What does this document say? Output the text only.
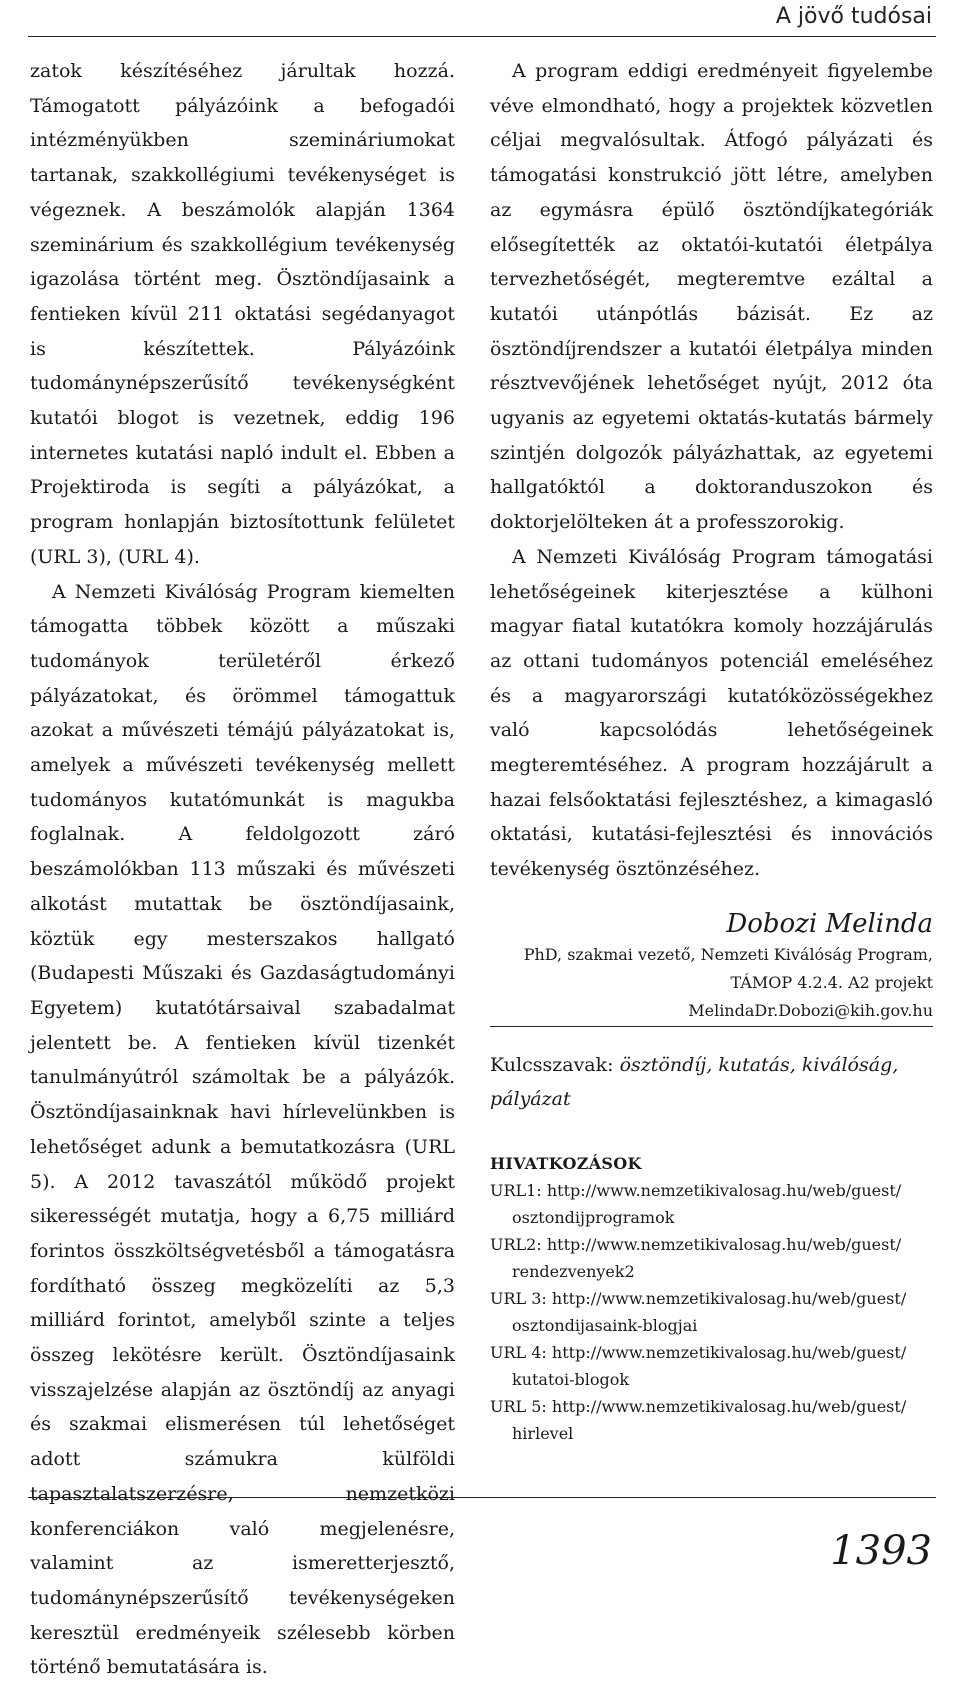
A jövő tudósai

zatok készítéséhez járultak hozzá. Támogatott pályázóink a befogadói intézményükben szemináriumokat tartanak, szakkollégiumi tevékenységet is végeznek. A beszámolók alapján 1364 szeminárium és szakkollégium tevékenység igazolása történt meg. Ösztöndíjasaink a fentieken kívül 211 oktatási segédanyagot is készítettek. Pályázóink tudománynépszerűsítő tevékenységként kutatói blogot is vezetnek, eddig 196 internetes kutatási napló indult el. Ebben a Projektiroda is segíti a pályázókat, a program honlapján biztosítottunk felületet (URL 3), (URL 4).

A Nemzeti Kiválóság Program kiemelten támogatta többek között a műszaki tudományok területéről érkező pályázatokat, és örömmel támogattuk azokat a művészeti témájú pályázatokat is, amelyek a művészeti tevékenység mellett tudományos kutatómunkát is magukba foglalnak. A feldolgozott záró beszámolókban 113 műszaki és művészeti alkotást mutattak be ösztöndíjasaink, köztük egy mesterszakos hallgató (Budapesti Műszaki és Gazdaságtudományi Egyetem) kutatótársaival szabadalmat jelentett be. A fentieken kívül tizenkét tanulmányútról számoltak be a pályázók. Ösztöndíjasainknak havi hírlevelünkben is lehetőséget adunk a bemutatkozásra (URL 5). A 2012 tavaszától működő projekt sikerességét mutatja, hogy a 6,75 milliárd forintos összköltségvetésből a támogatásra fordítható összeg megközelíti az 5,3 milliárd forintot, amelyből szinte a teljes összeg lekötésre került. Ösztöndíjasaink visszajelzése alapján az ösztöndíj az anyagi és szakmai elismerésen túl lehetőséget adott számukra külföldi tapasztalatszerzésre, nemzetközi konferenciákon való megjelenésre, valamint az ismeretterjesztő, tudománynépszerűsítő tevékenységeken keresztül eredményeik szélesebb körben történő bemutatására is.

A program eddigi eredményeit figyelembe véve elmondható, hogy a projektek közvetlen céljai megvalósultak. Átfogó pályázati és támogatási konstrukció jött létre, amelyben az egymásra épülő ösztöndíjkategóriák elősegítették az oktatói-kutatói életpálya tervezhetőségét, megteremtve ezáltal a kutatói utánpótlás bázisát. Ez az ösztöndíjrendszer a kutatói életpálya minden résztvevőjének lehetőséget nyújt, 2012 óta ugyanis az egyetemi oktatás-kutatás bármely szintjén dolgozók pályázhattak, az egyetemi hallgatóktól a doktoranduszokon és doktorjelölteken át a professzorokig.

A Nemzeti Kiválóság Program támogatási lehetőségeinek kiterjesztése a külhoni magyar fiatal kutatókra komoly hozzájárulás az ottani tudományos potenciál emeléséhez és a magyarországi kutatóközösségekhez való kapcsolódás lehetőségeinek megteremtéséhez. A program hozzájárult a hazai felsőoktatási fejlesztéshez, a kimagasló oktatási, kutatási-fejlesztési és innovációs tevékenység ösztönzéséhez.

Dobozi Melinda
PhD, szakmai vezető, Nemzeti Kiválóság Program,
TÁMOP 4.2.4. A2 projekt
MelindaDr.Dobozi@kih.gov.hu
Kulcsszavak: ösztöndíj, kutatás, kiválóság, pályázat
HIVATKOZÁSOK
URL1: http://www.nemzetikivalosag.hu/web/guest/
osztondijprogramok
URL2: http://www.nemzetikivalosag.hu/web/guest/
rendezvenyek2
URL 3: http://www.nemzetikivalosag.hu/web/guest/
osztondijasaink-blogjai
URL 4: http://www.nemzetikivalosag.hu/web/guest/
kutatoi-blogok
URL 5: http://www.nemzetikivalosag.hu/web/guest/
hirlevel
1393
